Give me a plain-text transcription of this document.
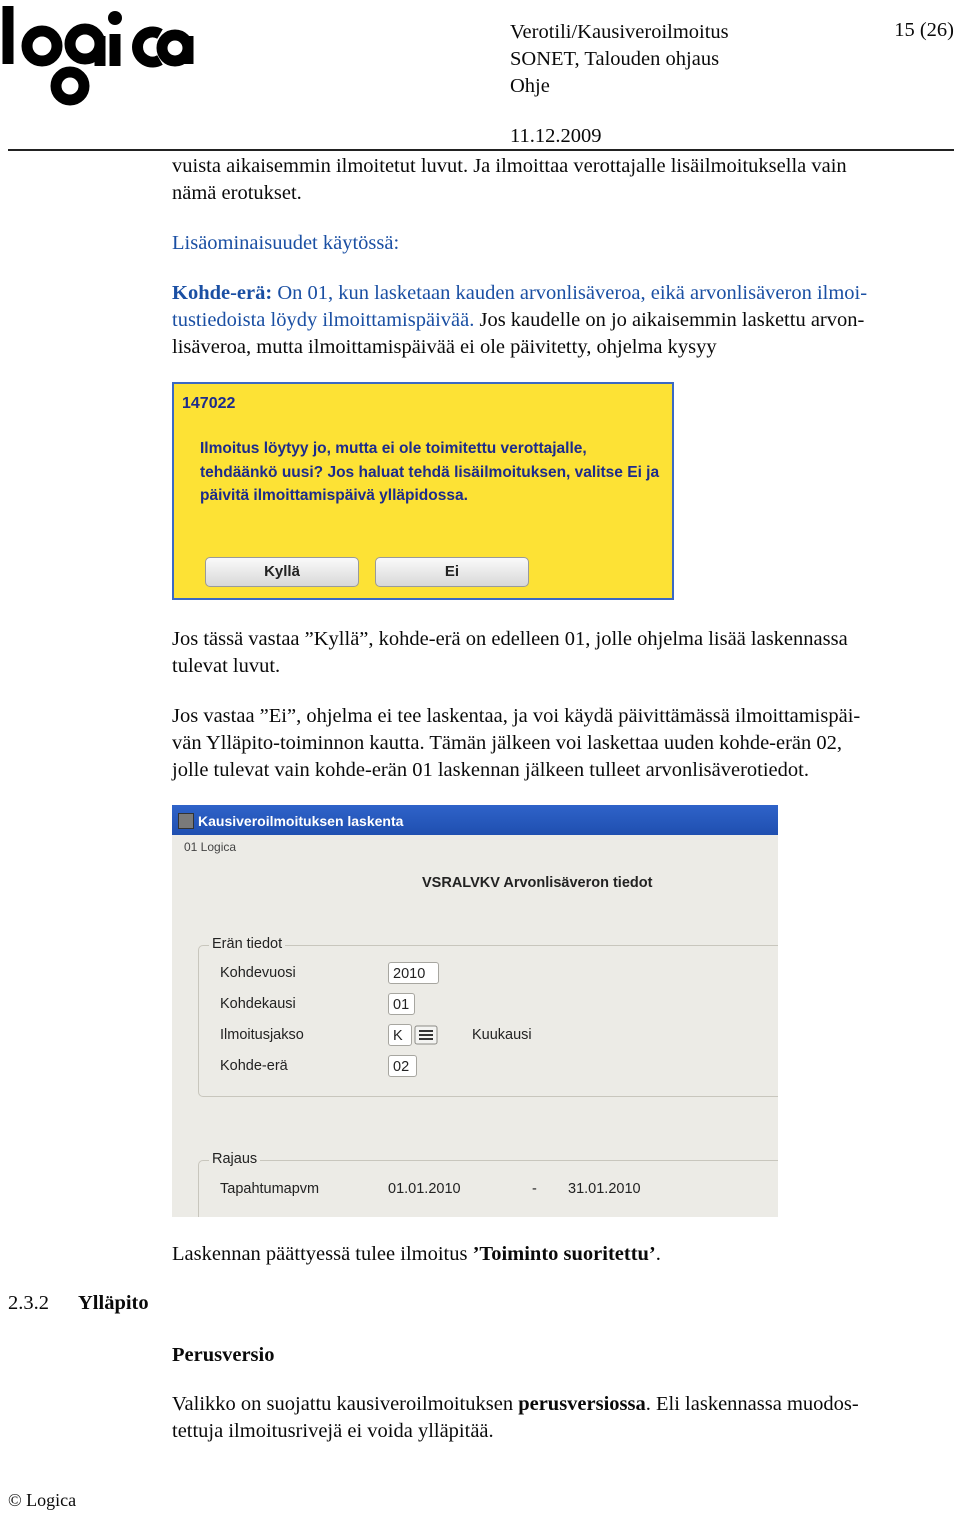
Verotili/Kausiveroilmoitus
SONET, Talouden ohjaus
Ohje
11.12.2009
15 (26)
vuista aikaisemmin ilmoitetut luvut. Ja ilmoittaa verottajalle lisäilmoituksella vain
nämä erotukset.
Lisäominaisuudet käytössä:
Kohde-erä: On 01, kun lasketaan kauden arvonlisäveroa, eikä arvonlisäveron ilmoi-
tustiedoista löydy ilmoittamispäivää. Jos kaudelle on jo aikaisemmin laskettu arvon-
lisäveroa, mutta ilmoittamispäivää ei ole päivitetty, ohjelma kysyy
147022
Ilmoitus löytyy jo, mutta ei ole toimitettu verottajalle, tehdäänkö uusi? Jos haluat tehdä lisäilmoituksen, valitse Ei ja päivitä ilmoittamispäivä ylläpidossa.
Kyllä	Ei
Jos tässä vastaa ”Kyllä”, kohde-erä on edelleen 01, jolle ohjelma lisää laskennassa
tulevat luvut.
Jos vastaa ”Ei”, ohjelma ei tee laskentaa, ja voi käydä päivittämässä ilmoittamispäi-
vän Ylläpito-toiminnon kautta. Tämän jälkeen voi laskettaa uuden kohde-erän 02,
jolle tulevat vain kohde-erän 01 laskennan jälkeen tulleet arvonlisäverotiedot.
Kausiveroilmoituksen laskenta
01 Logica
VSRALVKV Arvonlisäveron tiedot
Erän tiedot
Kohdevuosi	2010
Kohdekausi	01
Ilmoitusjakso	K	Kuukausi
Kohde-erä	02
Rajaus
Tapahtumapvm	01.01.2010	- 31.01.2010
Laskennan päättyessä tulee ilmoitus ’Toiminto suoritettu’.
2.3.2 Ylläpito
Perusversio
Valikko on suojattu kausiveroilmoituksen perusversiossa. Eli laskennassa muodos-
tettuja ilmoitusrivejä ei voida ylläpitää.
© Logica
